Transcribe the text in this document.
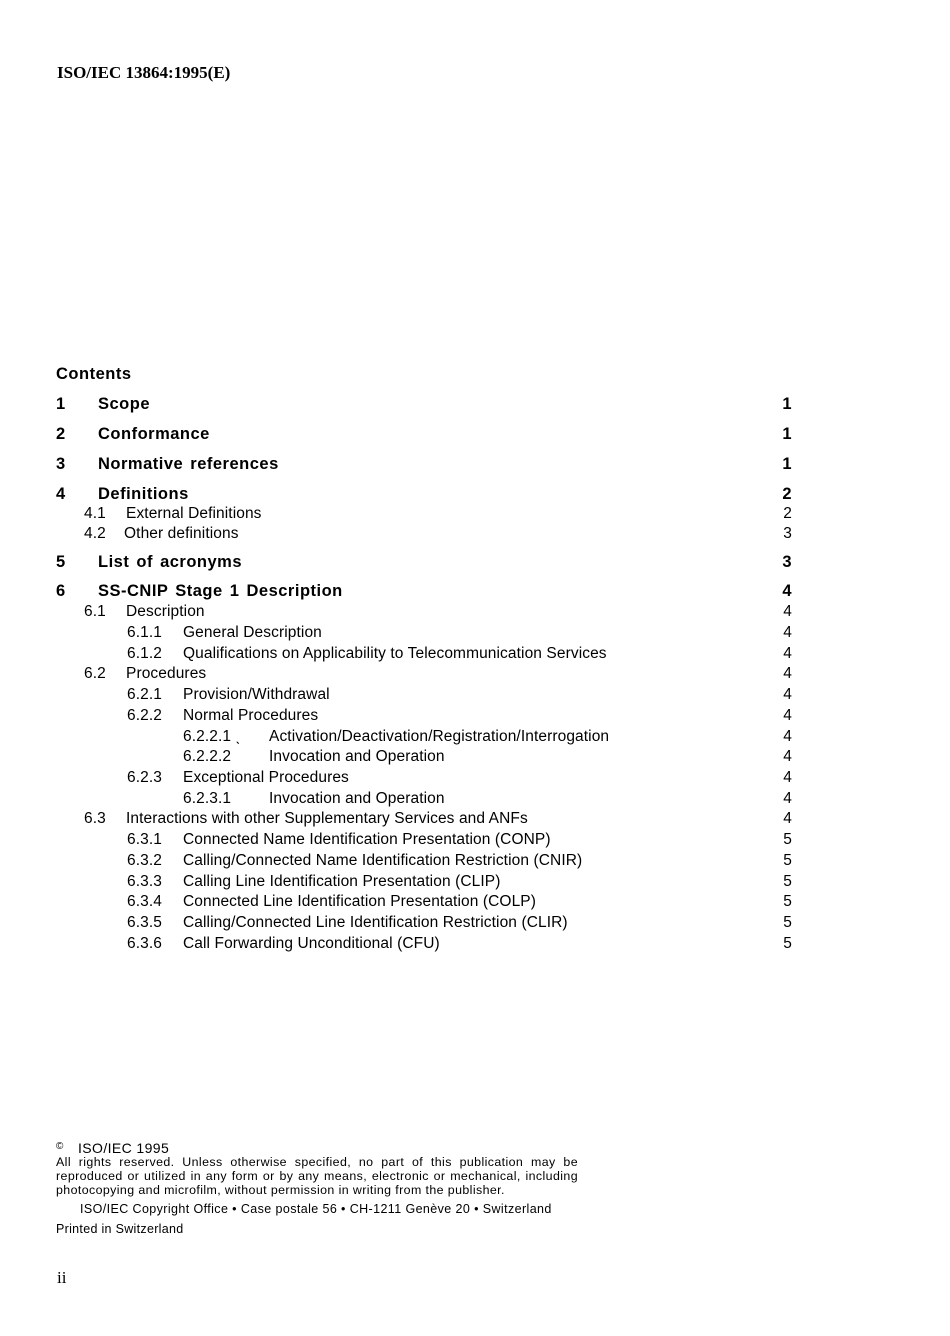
ISO/IEC 13864:1995(E)
Contents
1 Scope	1
2 Conformance	1
3 Normative references	1
4 Definitions	2
4.1 External Definitions	2
4.2 Other definitions	3
5 List of acronyms	3
6 SS-CNIP Stage 1 Description	4
6.1 Description	4
6.1.1 General Description	4
6.1.2 Qualifications on Applicability to Telecommunication Services	4
6.2 Procedures	4
6.2.1 Provision/Withdrawal	4
6.2.2 Normal Procedures	4
6.2.2.1 ˎ Activation/Deactivation/Registration/Interrogation	4
6.2.2.2 Invocation and Operation	4
6.2.3 Exceptional Procedures	4
6.2.3.1 Invocation and Operation	4
6.3 Interactions with other Supplementary Services and ANFs	4
6.3.1 Connected Name Identification Presentation (CONP)	5
6.3.2 Calling/Connected Name Identification Restriction (CNIR)	5
6.3.3 Calling Line Identification Presentation (CLIP)	5
6.3.4 Connected Line Identification Presentation (COLP)	5
6.3.5 Calling/Connected Line Identification Restriction (CLIR)	5
6.3.6 Call Forwarding Unconditional (CFU)	5
© ISO/IEC 1995
All rights reserved. Unless otherwise specified, no part of this publication may be
reproduced or utilized in any form or by any means, electronic or mechanical, including
photocopying and microfilm, without permission in writing from the publisher.
ISO/IEC Copyright Office • Case postale 56 • CH-1211 Genève 20 • Switzerland
Printed in Switzerland
ii
